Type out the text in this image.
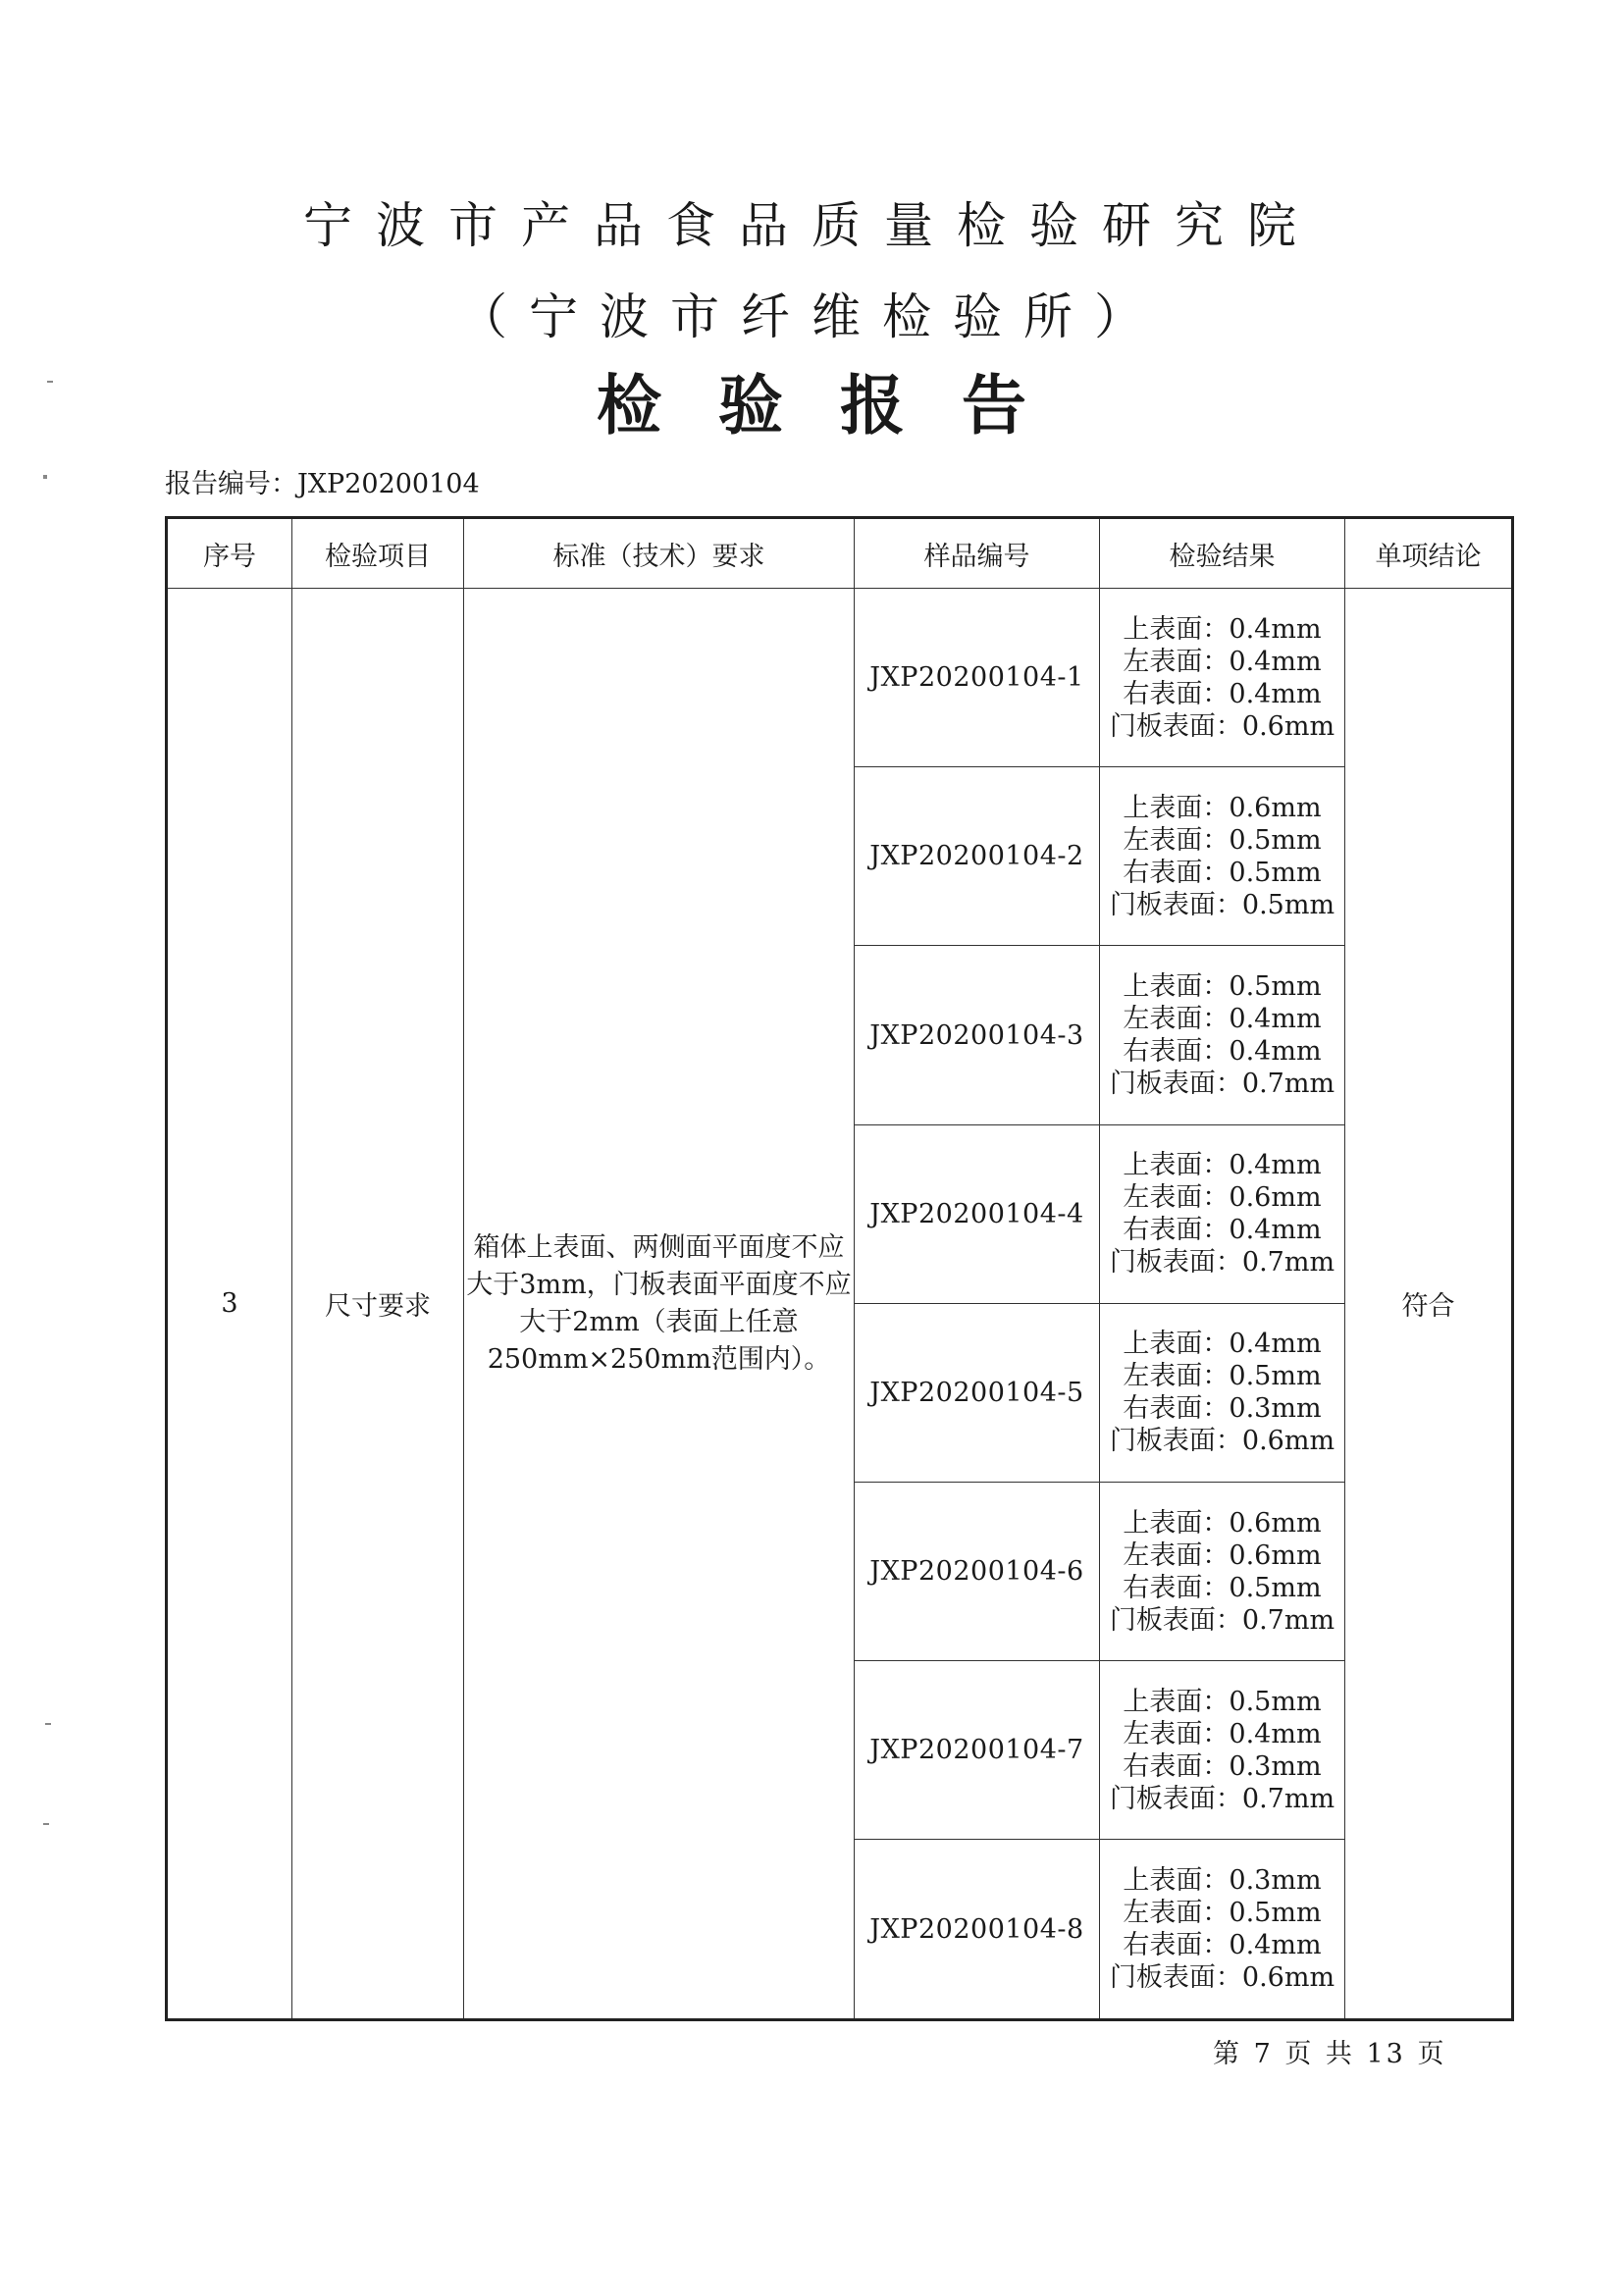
宁波市产品食品质量检验研究院
（宁波市纤维检验所）
检验报告
报告编号：JXP20200104
序号	检验项目	标准（技术）要求	样品编号	检验结果	单项结论
3	尺寸要求	箱体上表面、两侧面平面度不应大于3mm，门板表面平面度不应大于2mm（表面上任意250mm×250mm范围内）。	JXP20200104-1	上表面：0.4mm
左表面：0.4mm
右表面：0.4mm
门板表面：0.6mm	符合
			JXP20200104-2	上表面：0.6mm
左表面：0.5mm
右表面：0.5mm
门板表面：0.5mm	

			JXP20200104-3	上表面：0.5mm
左表面：0.4mm
右表面：0.4mm
门板表面：0.7mm	

			JXP20200104-4	上表面：0.4mm
左表面：0.6mm
右表面：0.4mm
门板表面：0.7mm	

			JXP20200104-5	上表面：0.4mm
左表面：0.5mm
右表面：0.3mm
门板表面：0.6mm	

			JXP20200104-6	上表面：0.6mm
左表面：0.6mm
右表面：0.5mm
门板表面：0.7mm	

			JXP20200104-7	上表面：0.5mm
左表面：0.4mm
右表面：0.3mm
门板表面：0.7mm	

			JXP20200104-8	上表面：0.3mm
左表面：0.5mm
右表面：0.4mm
门板表面：0.6mm	
第 7 页 共 13 页
